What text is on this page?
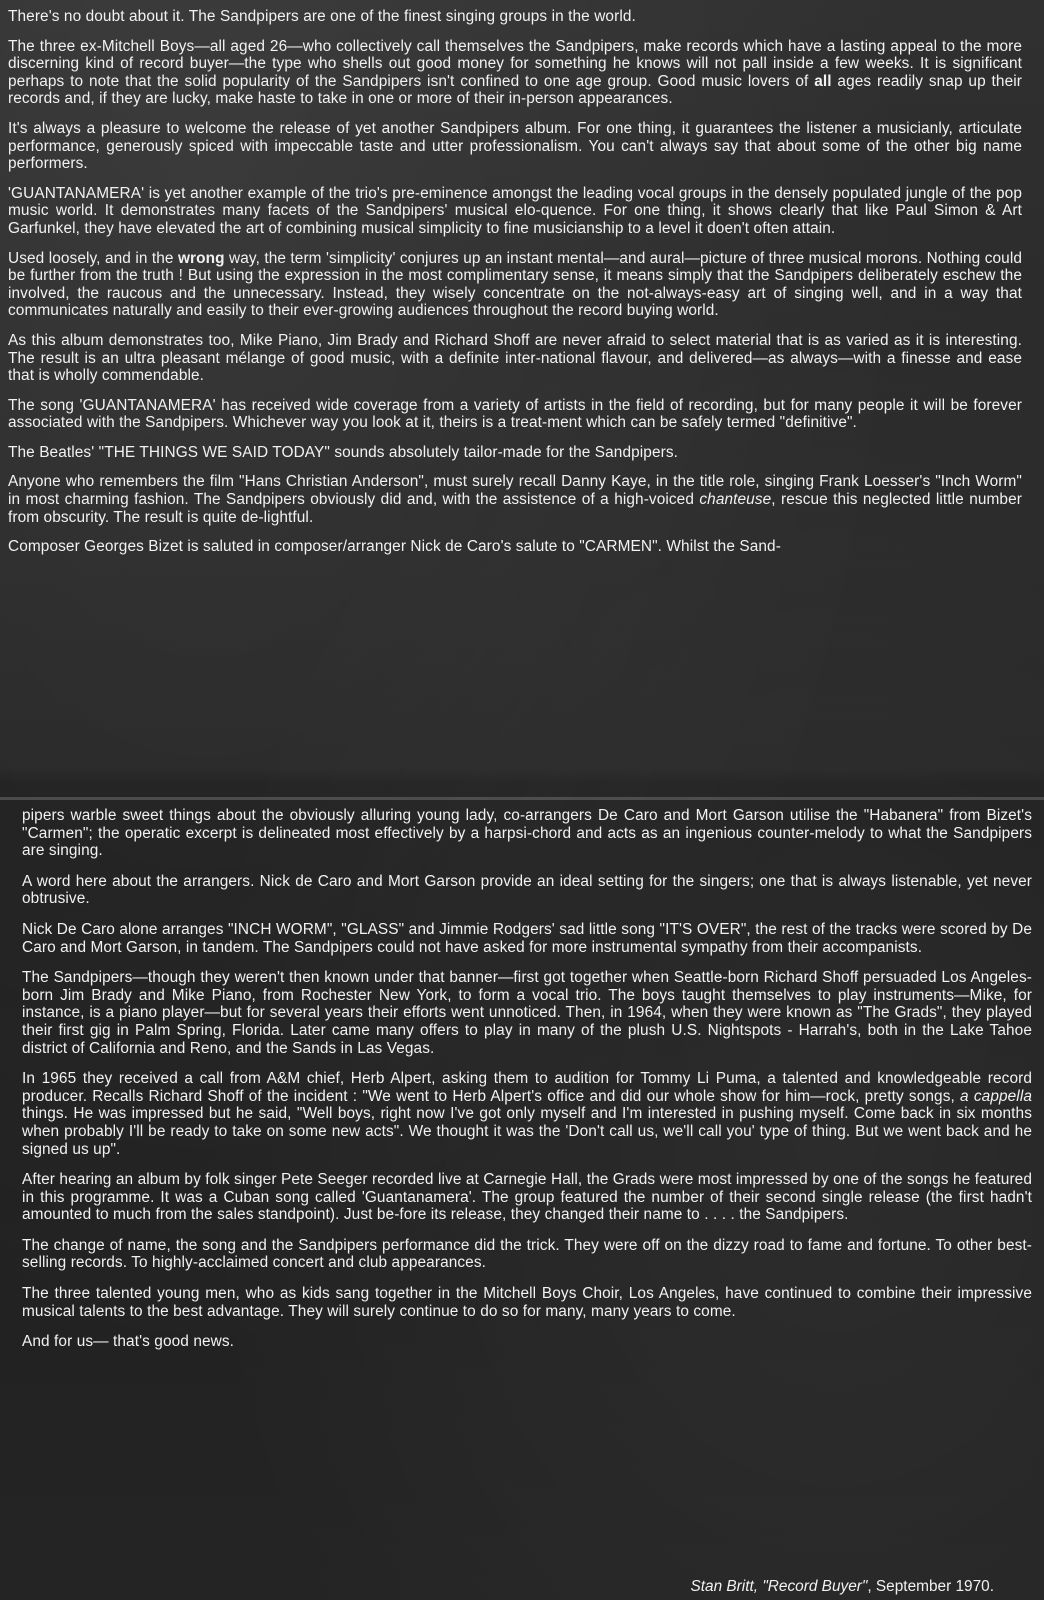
There's no doubt about it. The Sandpipers are one of the finest singing groups in the world.

The three ex-Mitchell Boys—all aged 26—who collectively call themselves the Sandpipers, make records which have a lasting appeal to the more discerning kind of record buyer—the type who shells out good money for something he knows will not pall inside a few weeks. It is significant perhaps to note that the solid popularity of the Sandpipers isn't confined to one age group. Good music lovers of all ages readily snap up their records and, if they are lucky, make haste to take in one or more of their in-person appearances.

It's always a pleasure to welcome the release of yet another Sandpipers album. For one thing, it guarantees the listener a musicianly, articulate performance, generously spiced with impeccable taste and utter professionalism. You can't always say that about some of the other big name performers.

'GUANTANAMERA' is yet another example of the trio's pre-eminence amongst the leading vocal groups in the densely populated jungle of the pop music world. It demonstrates many facets of the Sandpipers' musical elo-quence. For one thing, it shows clearly that like Paul Simon & Art Garfunkel, they have elevated the art of combining musical simplicity to fine musicianship to a level it doen't often attain.

Used loosely, and in the wrong way, the term 'simplicity' conjures up an instant mental—and aural—picture of three musical morons. Nothing could be further from the truth ! But using the expression in the most complimentary sense, it means simply that the Sandpipers deliberately eschew the involved, the raucous and the unnecessary. Instead, they wisely concentrate on the not-always-easy art of singing well, and in a way that communicates naturally and easily to their ever-growing audiences throughout the record buying world.

As this album demonstrates too, Mike Piano, Jim Brady and Richard Shoff are never afraid to select material that is as varied as it is interesting. The result is an ultra pleasant mélange of good music, with a definite inter-national flavour, and delivered—as always—with a finesse and ease that is wholly commendable.

The song 'GUANTANAMERA' has received wide coverage from a variety of artists in the field of recording, but for many people it will be forever associated with the Sandpipers. Whichever way you look at it, theirs is a treat-ment which can be safely termed "definitive".

The Beatles' "THE THINGS WE SAID TODAY" sounds absolutely tailor-made for the Sandpipers.

Anyone who remembers the film "Hans Christian Anderson", must surely recall Danny Kaye, in the title role, singing Frank Loesser's "Inch Worm" in most charming fashion. The Sandpipers obviously did and, with the assistence of a high-voiced chanteuse, rescue this neglected little number from obscurity. The result is quite de-lightful.

Composer Georges Bizet is saluted in composer/arranger Nick de Caro's salute to "CARMEN". Whilst the Sand-

pipers warble sweet things about the obviously alluring young lady, co-arrangers De Caro and Mort Garson utilise the "Habanera" from Bizet's "Carmen"; the operatic excerpt is delineated most effectively by a harpsi-chord and acts as an ingenious counter-melody to what the Sandpipers are singing.

A word here about the arrangers. Nick de Caro and Mort Garson provide an ideal setting for the singers; one that is always listenable, yet never obtrusive.

Nick De Caro alone arranges "INCH WORM", "GLASS" and Jimmie Rodgers' sad little song "IT'S OVER", the rest of the tracks were scored by De Caro and Mort Garson, in tandem. The Sandpipers could not have asked for more instrumental sympathy from their accompanists.

The Sandpipers—though they weren't then known under that banner—first got together when Seattle-born Richard Shoff persuaded Los Angeles-born Jim Brady and Mike Piano, from Rochester New York, to form a vocal trio. The boys taught themselves to play instruments—Mike, for instance, is a piano player—but for several years their efforts went unnoticed. Then, in 1964, when they were known as "The Grads", they played their first gig in Palm Spring, Florida. Later came many offers to play in many of the plush U.S. Nightspots - Harrah's, both in the Lake Tahoe district of California and Reno, and the Sands in Las Vegas.

In 1965 they received a call from A&M chief, Herb Alpert, asking them to audition for Tommy Li Puma, a talented and knowledgeable record producer. Recalls Richard Shoff of the incident : "We went to Herb Alpert's office and did our whole show for him—rock, pretty songs, a cappella things. He was impressed but he said, "Well boys, right now I've got only myself and I'm interested in pushing myself. Come back in six months when probably I'll be ready to take on some new acts". We thought it was the 'Don't call us, we'll call you' type of thing. But we went back and he signed us up".

After hearing an album by folk singer Pete Seeger recorded live at Carnegie Hall, the Grads were most impressed by one of the songs he featured in this programme. It was a Cuban song called 'Guantanamera'. The group featured the number of their second single release (the first hadn't amounted to much from the sales standpoint). Just be-fore its release, they changed their name to . . . . the Sandpipers.

The change of name, the song and the Sandpipers performance did the trick. They were off on the dizzy road to fame and fortune. To other best-selling records. To highly-acclaimed concert and club appearances.

The three talented young men, who as kids sang together in the Mitchell Boys Choir, Los Angeles, have continued to combine their impressive musical talents to the best advantage. They will surely continue to do so for many, many years to come.

And for us— that's good news.

Stan Britt, "Record Buyer", September 1970.
